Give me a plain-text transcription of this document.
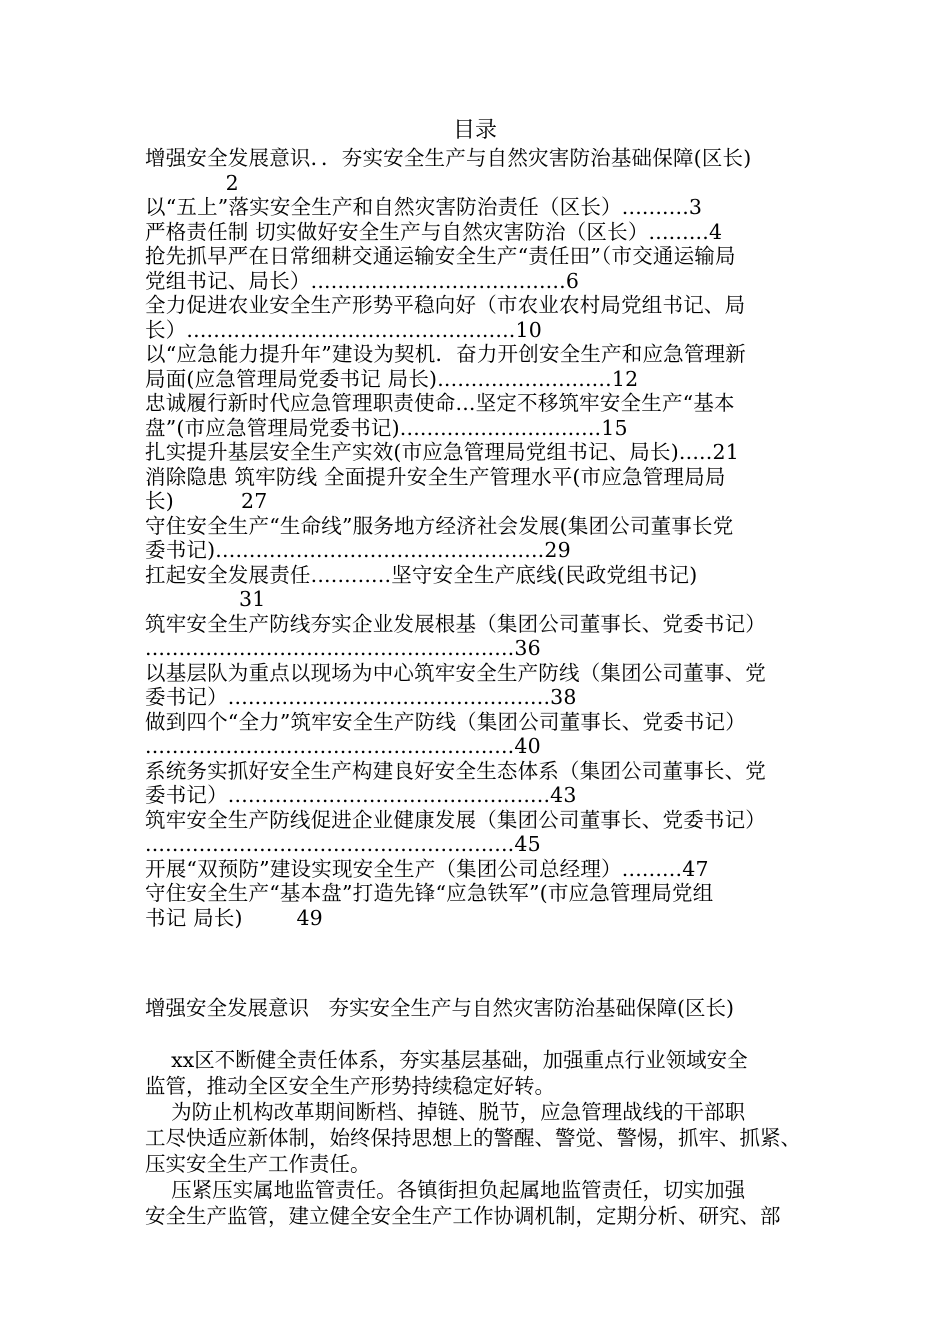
目录
增强安全发展意识．．夯实安全生产与自然灾害防治基础保障(区长)
2
以“五上”落实安全生产和自然灾害防治责任（区长）..........3
严格责任制 切实做好安全生产与自然灾害防治（区长）.........4
抢先抓早严在日常细耕交通运输安全生产“责任田”（市交通运输局
党组书记、局长）......................................6
全力促进农业安全生产形势平稳向好（市农业农村局党组书记、局
长）.................................................10
以“应急能力提升年”建设为契机．奋力开创安全生产和应急管理新
局面(应急管理局党委书记 局长)..........................12
忠诚履行新时代应急管理职责使命...坚定不移筑牢安全生产“基本
盘”(市应急管理局党委书记)..............................15
扎实提升基层安全生产实效(市应急管理局党组书记、局长).....21
消除隐患 筑牢防线 全面提升安全生产管理水平(市应急管理局局
长)          27
守住安全生产“生命线”服务地方经济社会发展(集团公司董事长党
委书记).................................................29
扛起安全发展责任............坚守安全生产底线(民政党组书记)
31
筑牢安全生产防线夯实企业发展根基（集团公司董事长、党委书记）
.......................................................36
以基层队为重点以现场为中心筑牢安全生产防线（集团公司董事、党
委书记）................................................38
做到四个“全力”筑牢安全生产防线（集团公司董事长、党委书记）
.......................................................40
系统务实抓好安全生产构建良好安全生态体系（集团公司董事长、党
委书记）................................................43
筑牢安全生产防线促进企业健康发展（集团公司董事长、党委书记）
.......................................................45
开展“双预防”建设实现安全生产（集团公司总经理）.........47
守住安全生产“基本盘”打造先锋“应急铁军”(市应急管理局党组
书记 局长)        49
增强安全发展意识   夯实安全生产与自然灾害防治基础保障(区长)
xx区不断健全责任体系，夯实基层基础，加强重点行业领域安全
监管，推动全区安全生产形势持续稳定好转。
为防止机构改革期间断档、掉链、脱节，应急管理战线的干部职
工尽快适应新体制，始终保持思想上的警醒、警觉、警惕，抓牢、抓紧、
压实安全生产工作责任。
压紧压实属地监管责任。各镇街担负起属地监管责任，切实加强
安全生产监管，建立健全安全生产工作协调机制，定期分析、研究、部
